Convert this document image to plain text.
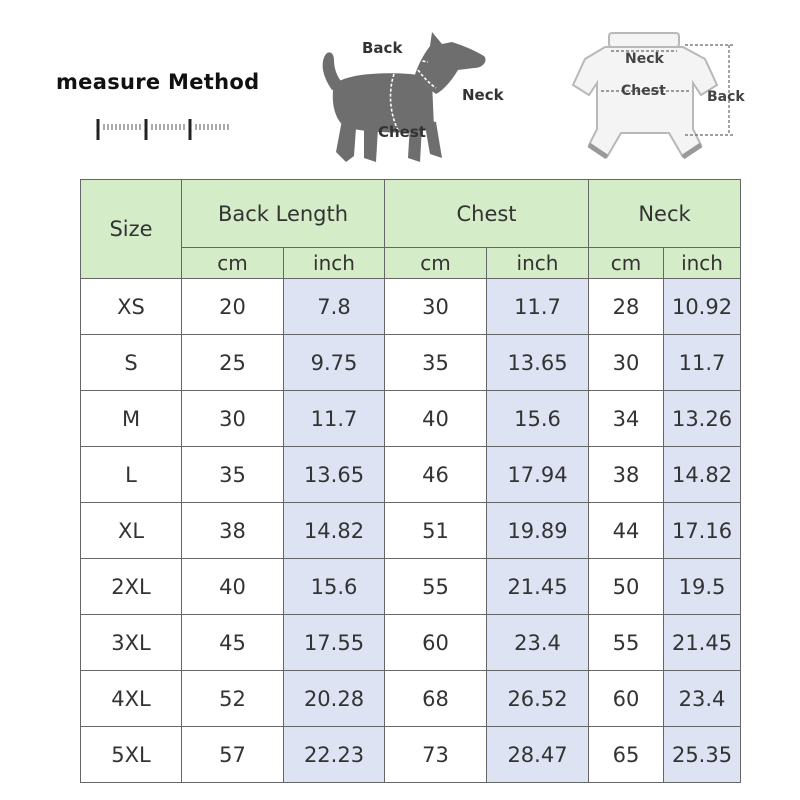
measure Method
Back
Neck
Chest
Neck
Chest	Back
Size	Back Length		Chest		Neck	
	cm	inch	cm	inch	cm	inch
XS	20	7.8	30	11.7	28	10.92
S	25	9.75	35	13.65	30	11.7
M	30	11.7	40	15.6	34	13.26
L	35	13.65	46	17.94	38	14.82
XL	38	14.82	51	19.89	44	17.16
2XL	40	15.6	55	21.45	50	19.5
3XL	45	17.55	60	23.4	55	21.45
4XL	52	20.28	68	26.52	60	23.4
5XL	57	22.23	73	28.47	65	25.35
